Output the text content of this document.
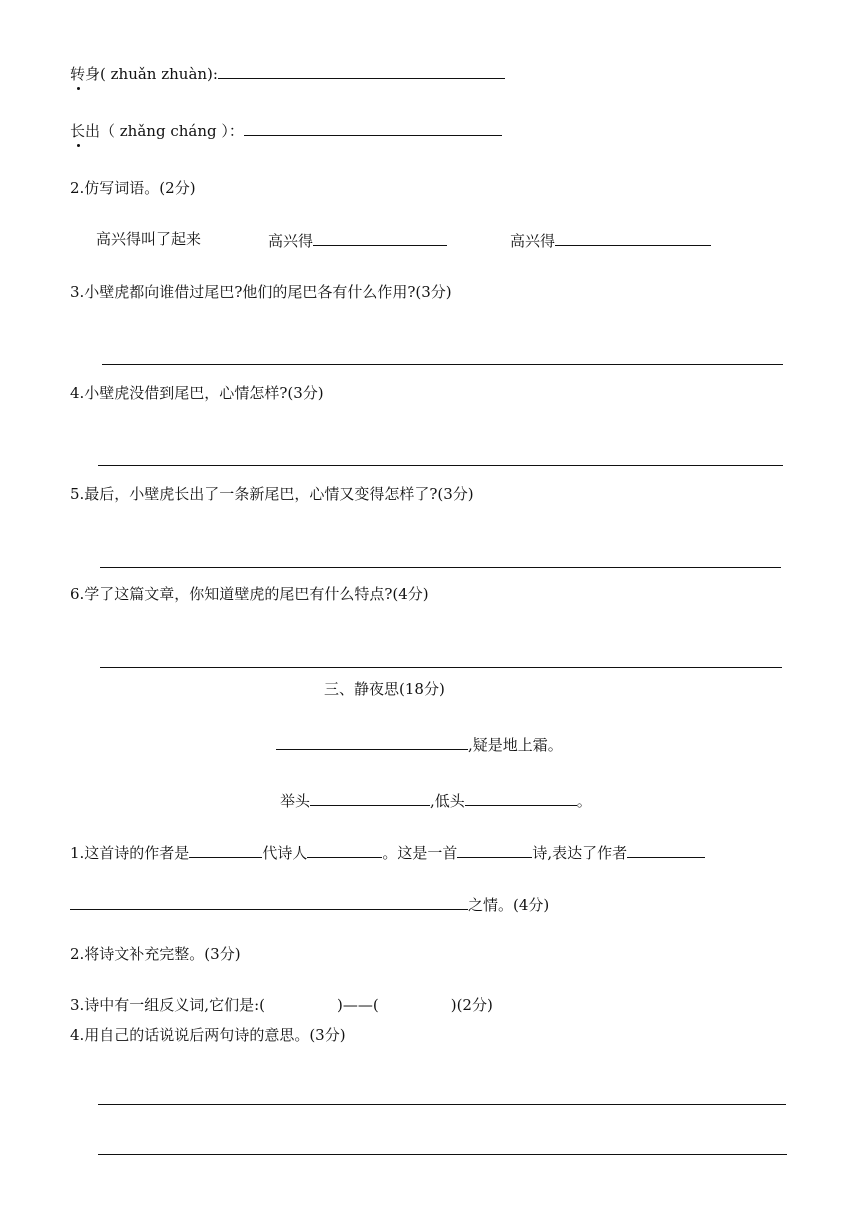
转身( zhuǎn zhuàn):
长出（ zhǎng cháng ）：
2.仿写词语。(2分)
高兴得叫了起来	高兴得	高兴得
3.小壁虎都向谁借过尾巴?他们的尾巴各有什么作用?(3分)
4.小壁虎没借到尾巴，心情怎样?(3分)
5.最后，小壁虎长出了一条新尾巴，心情又变得怎样了?(3分)
6.学了这篇文章，你知道壁虎的尾巴有什么特点?(4分)
三、静夜思(18分)
,疑是地上霜。
举头	,低头	。
1.这首诗的作者是	代诗人	。这是一首	诗,表达了作者
之情。(4分)
2.将诗文补充完整。(3分)
3.诗中有一组反义词,它们是:(	)——(	)(2分)
4.用自己的话说说后两句诗的意思。(3分)
